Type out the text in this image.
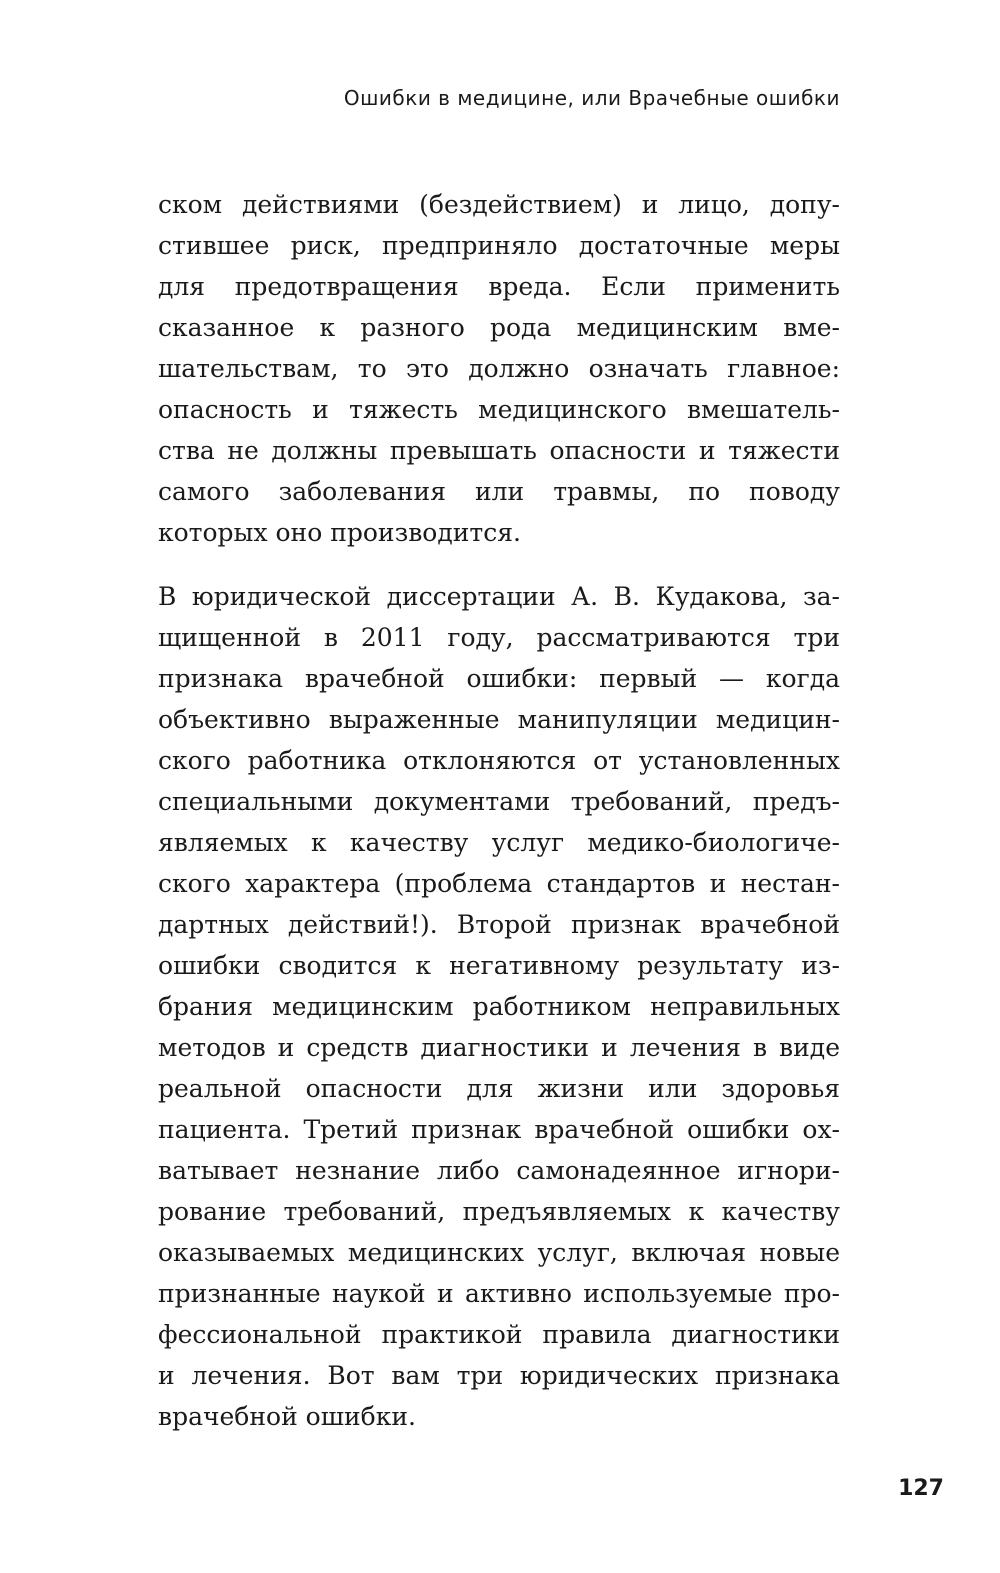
Ошибки в медицине, или Врачебные ошибки

ском действиями (бездействием) и лицо, допу-
стившее риск, предприняло достаточные меры
для предотвращения вреда. Если применить
сказанное к разного рода медицинским вме-
шательствам, то это должно означать главное:
опасность и тяжесть медицинского вмешатель-
ства не должны превышать опасности и тяжести
самого заболевания или травмы, по поводу
которых оно производится.

В юридической диссертации А. В. Кудакова, за-
щищенной в 2011 году, рассматриваются три
признака врачебной ошибки: первый — когда
объективно выраженные манипуляции медицин-
ского работника отклоняются от установленных
специальными документами требований, предъ-
являемых к качеству услуг медико-биологиче-
ского характера (проблема стандартов и нестан-
дартных действий!). Второй признак врачебной
ошибки сводится к негативному результату из-
брания медицинским работником неправильных
методов и средств диагностики и лечения в виде
реальной опасности для жизни или здоровья
пациента. Третий признак врачебной ошибки ох-
ватывает незнание либо самонадеянное игнори-
рование требований, предъявляемых к качеству
оказываемых медицинских услуг, включая новые
признанные наукой и активно используемые про-
фессиональной практикой правила диагностики
и лечения. Вот вам три юридических признака
врачебной ошибки.

127
